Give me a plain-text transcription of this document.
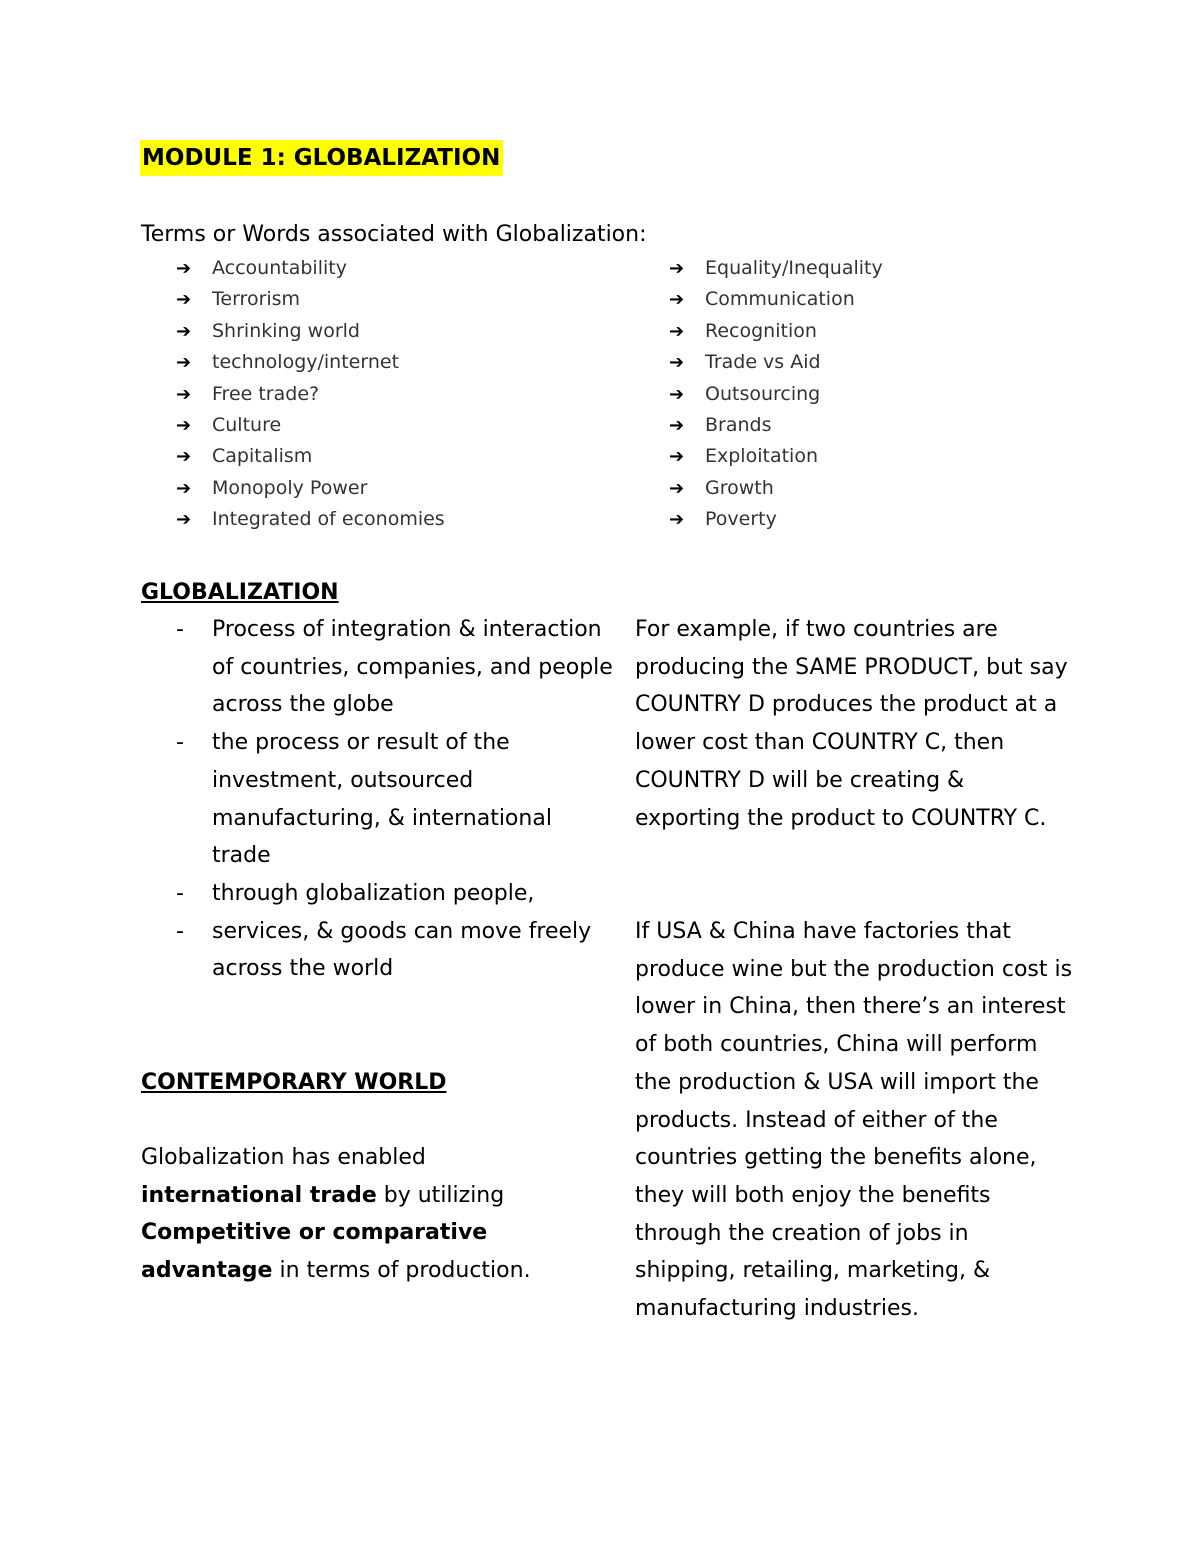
MODULE 1: GLOBALIZATION
Terms or Words associated with Globalization:
➔	Accountability
➔	Terrorism
➔	Shrinking world
➔	technology/internet
➔	Free trade?
➔	Culture
➔	Capitalism
➔	Monopoly Power
➔	Integrated of economies
➔	Equality/Inequality
➔	Communication
➔	Recognition
➔	Trade vs Aid
➔	Outsourcing
➔	Brands
➔	Exploitation
➔	Growth
➔	Poverty
GLOBALIZATION
-	Process of integration & interaction of countries, companies, and people across the globe
-	the process or result of the investment, outsourced manufacturing, & international trade
-	through globalization people,
-	services, & goods can move freely across the world
CONTEMPORARY WORLD

Globalization has enabled
international trade by utilizing Competitive or comparative advantage in terms of production.

For example, if two countries are producing the SAME PRODUCT, but say COUNTRY D produces the product at a lower cost than COUNTRY C, then COUNTRY D will be creating & exporting the product to COUNTRY C.

If USA & China have factories that produce wine but the production cost is lower in China, then there’s an interest of both countries, China will perform the production & USA will import the products. Instead of either of the countries getting the benefits alone, they will both enjoy the benefits through the creation of jobs in shipping, retailing, marketing, & manufacturing industries.
